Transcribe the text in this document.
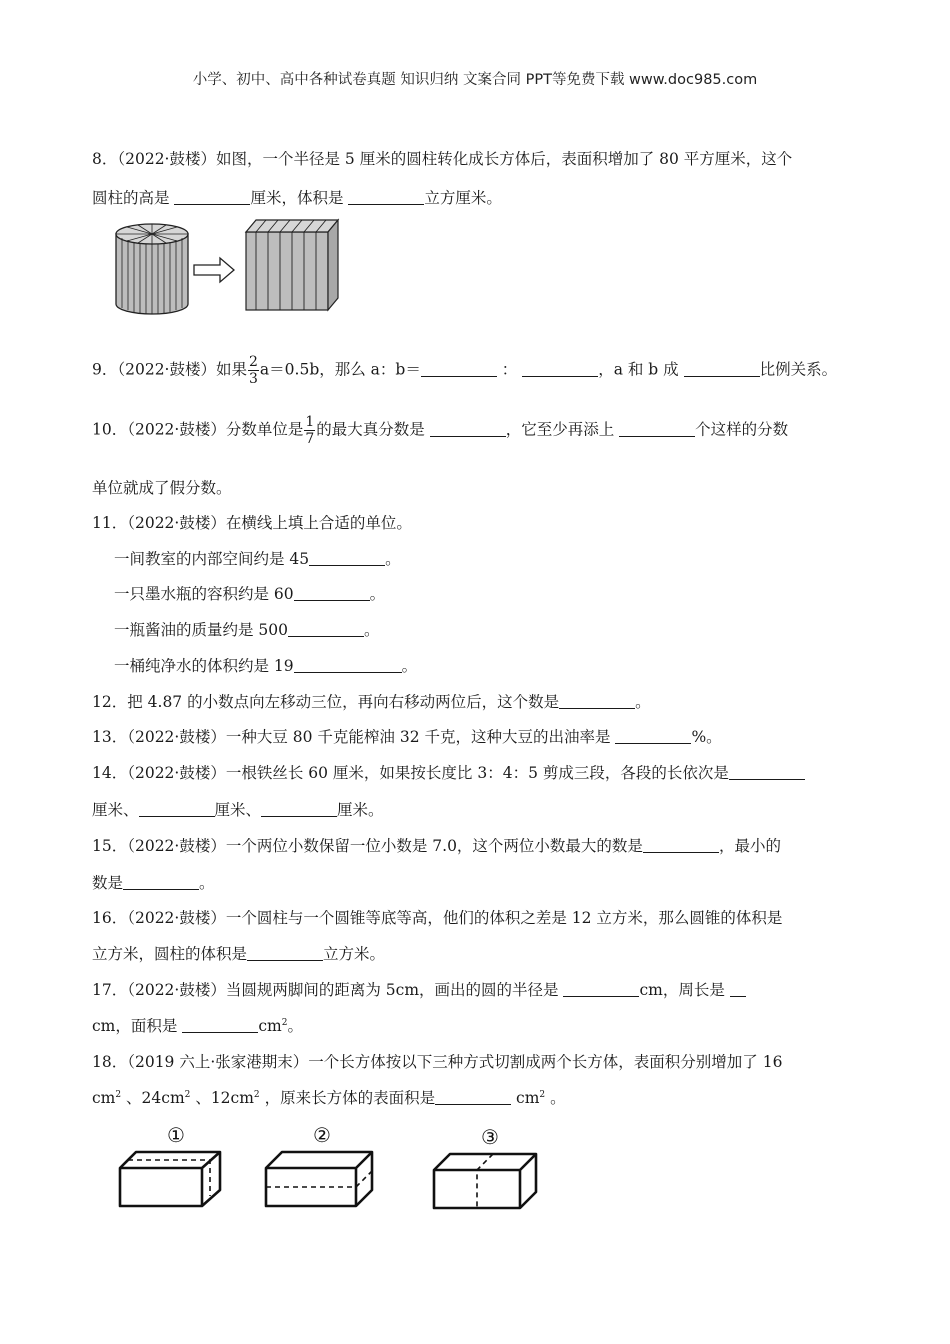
小学、初中、高中各种试卷真题 知识归纳 文案合同 PPT等免费下载 www.doc985.com
8．（2022·鼓楼）如图，一个半径是 5 厘米的圆柱转化成长方体后，表面积增加了 80 平方厘米，这个
圆柱的高是	厘米，体积是	立方厘米。
9．（2022·鼓楼）如果 $\frac{2}{3} a=0.5b$，那么 a：b＝	：	，a 和 b 成	比例关系。
10．（2022·鼓楼）分数单位是 $\frac{1}{7}$ 的最大真分数是	，它至少再添上	个这样的分数
单位就成了假分数。
11．（2022·鼓楼）在横线上填上合适的单位。
一间教室的内部空间约是 45	。
一只墨水瓶的容积约是 60	。
一瓶酱油的质量约是 500	。
一桶纯净水的体积约是 19	。
12．把 4.87 的小数点向左移动三位，再向右移动两位后，这个数是	。
13．（2022·鼓楼）一种大豆 80 千克能榨油 32 千克，这种大豆的出油率是	%。
14．（2022·鼓楼）一根铁丝长 60 厘米，如果按长度比 3：4：5 剪成三段，各段的长依次是
厘米、	厘米、	厘米。
15．（2022·鼓楼）一个两位小数保留一位小数是 7.0，这个两位小数最大的数是	，最小的
数是	。
16．（2022·鼓楼）一个圆柱与一个圆锥等底等高，他们的体积之差是 12 立方米，那么圆锥的体积是
立方米，圆柱的体积是	立方米。
17．（2022·鼓楼）当圆规两脚间的距离为 5cm，画出的圆的半径是	cm，周长是
cm，面积是	$cm^2$。
18．（2019 六上·张家港期末）一个长方体按以下三种方式切割成两个长方体，表面积分别增加了 16
$cm^2$ 、$24cm^2$ 、$12cm^2$ ，原来长方体的表面积是	$cm^2$ 。
①	②	③
